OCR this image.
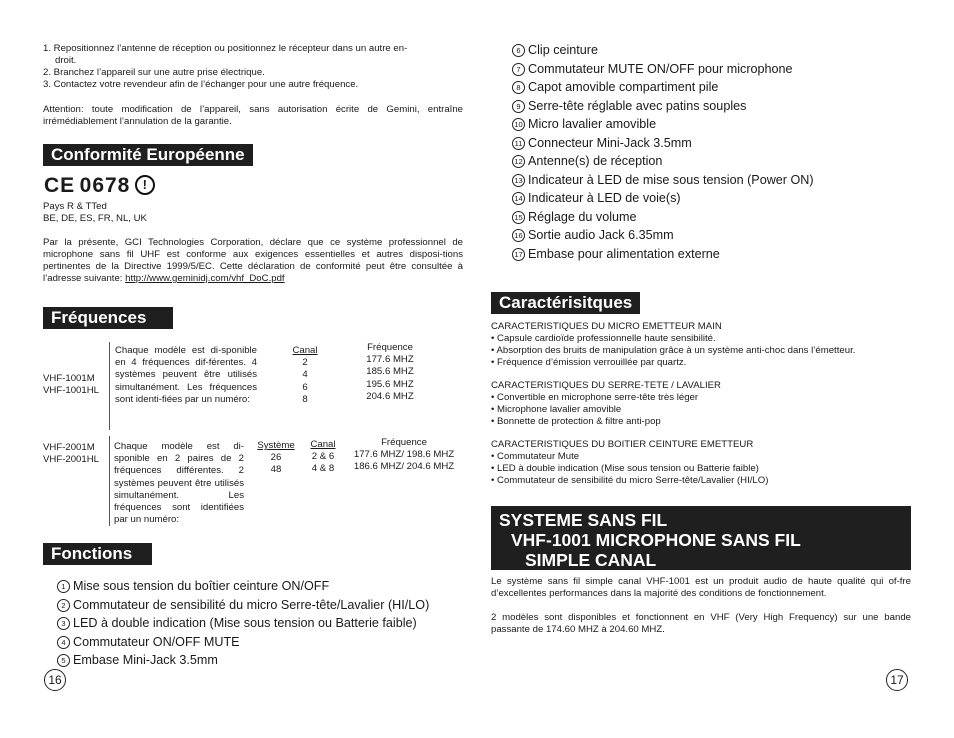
1. Repositionnez l’antenne de réception ou positionnez le récepteur dans un autre en-
droit.
2. Branchez l’appareil sur une autre prise électrique.
3. Contactez votre revendeur afin de l’échanger pour une autre fréquence.
Attention: toute modification de l’appareil, sans autorisation écrite de Gemini, entraîne irrémédiablement l’annulation de la garantie.
Conformité Européenne
CE 0678 !
Pays R & TTed
BE, DE, ES, FR, NL, UK
Par la présente, GCI Technologies Corporation, déclare que ce système professionnel de microphone sans fil UHF est conforme aux exigences essentielles et autres disposi-tions pertinentes de la Directive 1999/5/EC. Cette déclaration de conformité peut être consultée à l’adresse suivante: http://www.geminidj.com/vhf_DoC.pdf
Fréquences
VHF-1001M
VHF-1001HL
Chaque modèle est di-sponible en 4 fréquences dif-férentes. 4 systèmes peuvent être utilisés simultanément. Les fréquences sont identi-fiées par un numéro:
Canal
2
4
6
8
Fréquence
177.6 MHZ
185.6 MHZ
195.6 MHZ
204.6 MHZ
VHF-2001M
VHF-2001HL
Chaque modèle est di-sponible en 2 paires de 2 fréquences différentes. 2 systèmes peuvent être utilisés simultanément. Les fréquences sont identifiées par un numéro:
Système
26
48
Canal
2 & 6
4 & 8
Fréquence
177.6 MHZ/ 198.6 MHZ
186.6 MHZ/ 204.6 MHZ
Fonctions
1 Mise sous tension du boîtier ceinture ON/OFF
2 Commutateur de sensibilité du micro Serre-tête/Lavalier (HI/LO)
3 LED à double indication (Mise sous tension ou Batterie faible)
4 Commutateur ON/OFF MUTE
5 Embase Mini-Jack 3.5mm
16
6 Clip ceinture
7 Commutateur MUTE ON/OFF pour microphone
8 Capot amovible compartiment pile
9 Serre-tête réglable avec patins souples
10 Micro lavalier amovible
11 Connecteur Mini-Jack 3.5mm
12 Antenne(s) de réception
13 Indicateur à LED de mise sous tension (Power ON)
14 Indicateur à LED de voie(s)
15 Réglage du volume
16 Sortie audio Jack 6.35mm
17 Embase pour alimentation externe
Caractérisitques
CARACTERISTIQUES DU MICRO EMETTEUR MAIN
• Capsule cardioïde professionnelle haute sensibilité.
• Absorption des bruits de manipulation grâce à un système anti-choc dans l’émetteur.
• Fréquence d’émission verrouillée par quartz.
CARACTERISTIQUES DU SERRE-TETE / LAVALIER
• Convertible en microphone serre-tête très léger
• Microphone lavalier amovible
• Bonnette de protection & filtre anti-pop
CARACTERISTIQUES DU BOITIER CEINTURE EMETTEUR
• Commutateur Mute
• LED à double indication (Mise sous tension ou Batterie faible)
• Commutateur de sensibilité du micro Serre-tête/Lavalier (HI/LO)
SYSTEME SANS FIL
VHF-1001 MICROPHONE SANS FIL
SIMPLE CANAL
Le système sans fil simple canal VHF-1001 est un produit audio de haute qualité qui of-fre d’excellentes performances dans la majorité des conditions de fonctionnement.
2 modèles sont disponibles et fonctionnent en VHF (Very High Frequency) sur une bande passante de 174.60 MHZ à 204.60 MHZ.
17
